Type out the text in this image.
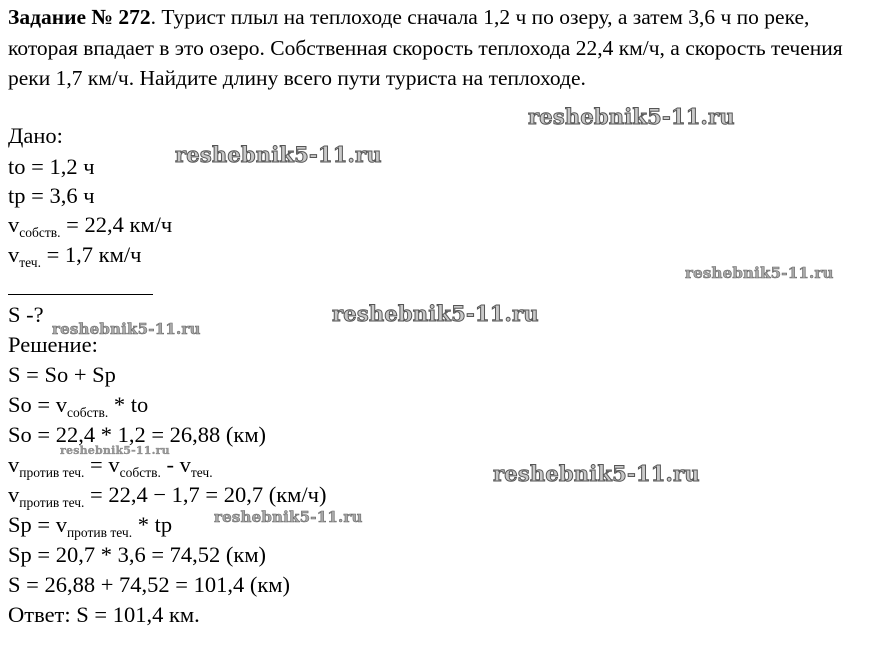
Задание № 272. Турист плыл на теплоходе сначала 1,2 ч по озеру, а затем 3,6 ч по реке, которая впадает в это озеро. Собственная скорость теплохода 22,4 км/ч, а скорость течения реки 1,7 км/ч. Найдите длину всего пути туриста на теплоходе.

Дано:
to = 1,2 ч
tp = 3,6 ч
$v_{собств.} = 22,4$ км/ч
$v_{теч.} = 1,7$ км/ч
S -?
Решение:
S = So + Sp
$So = v_{собств.}$ * to
So = 22,4 * 1,2 = 26,88 (км)
$v_{против теч.} = v_{собств.} - v_{теч.}$
$v_{против теч.} = 22,4 - 1,7 = 20,7$ (км/ч)
$Sp = v_{против теч.}$ * tp
Sp = 20,7 * 3,6 = 74,52 (км)
S = 26,88 + 74,52 = 101,4 (км)
Ответ: S = 101,4 км.
reshebnik5-11.ru
reshebnik5-11.ru
reshebnik5-11.ru
reshebnik5-11.ru
reshebnik5-11.ru
reshebnik5-11.ru
reshebnik5-11.ru
reshebnik5-11.ru
